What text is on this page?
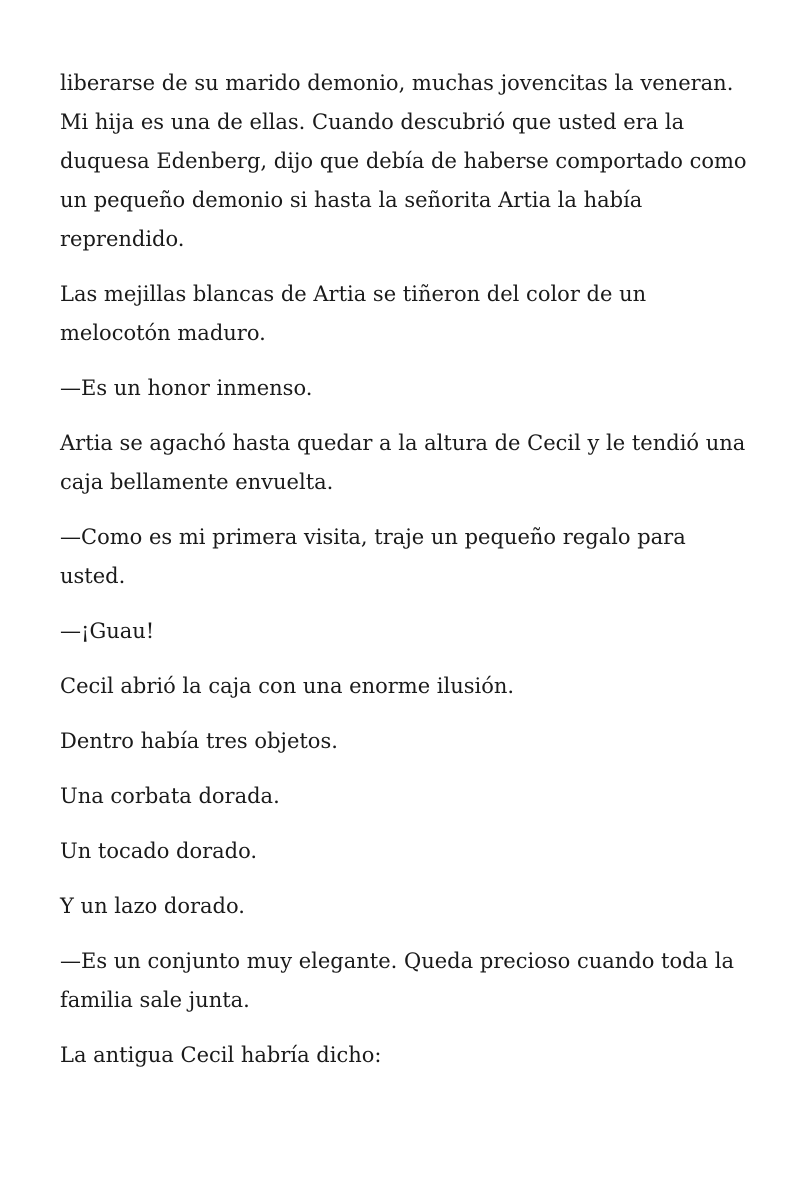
liberarse de su marido demonio, muchas jovencitas la veneran. Mi hija es una de ellas. Cuando descubrió que usted era la duquesa Edenberg, dijo que debía de haberse comportado como un pequeño demonio si hasta la señorita Artia la había reprendido.

Las mejillas blancas de Artia se tiñeron del color de un melocotón maduro.

—Es un honor inmenso.

Artia se agachó hasta quedar a la altura de Cecil y le tendió una caja bellamente envuelta.

—Como es mi primera visita, traje un pequeño regalo para usted.

—¡Guau!

Cecil abrió la caja con una enorme ilusión.

Dentro había tres objetos.

Una corbata dorada.

Un tocado dorado.

Y un lazo dorado.

—Es un conjunto muy elegante. Queda precioso cuando toda la familia sale junta.

La antigua Cecil habría dicho:
